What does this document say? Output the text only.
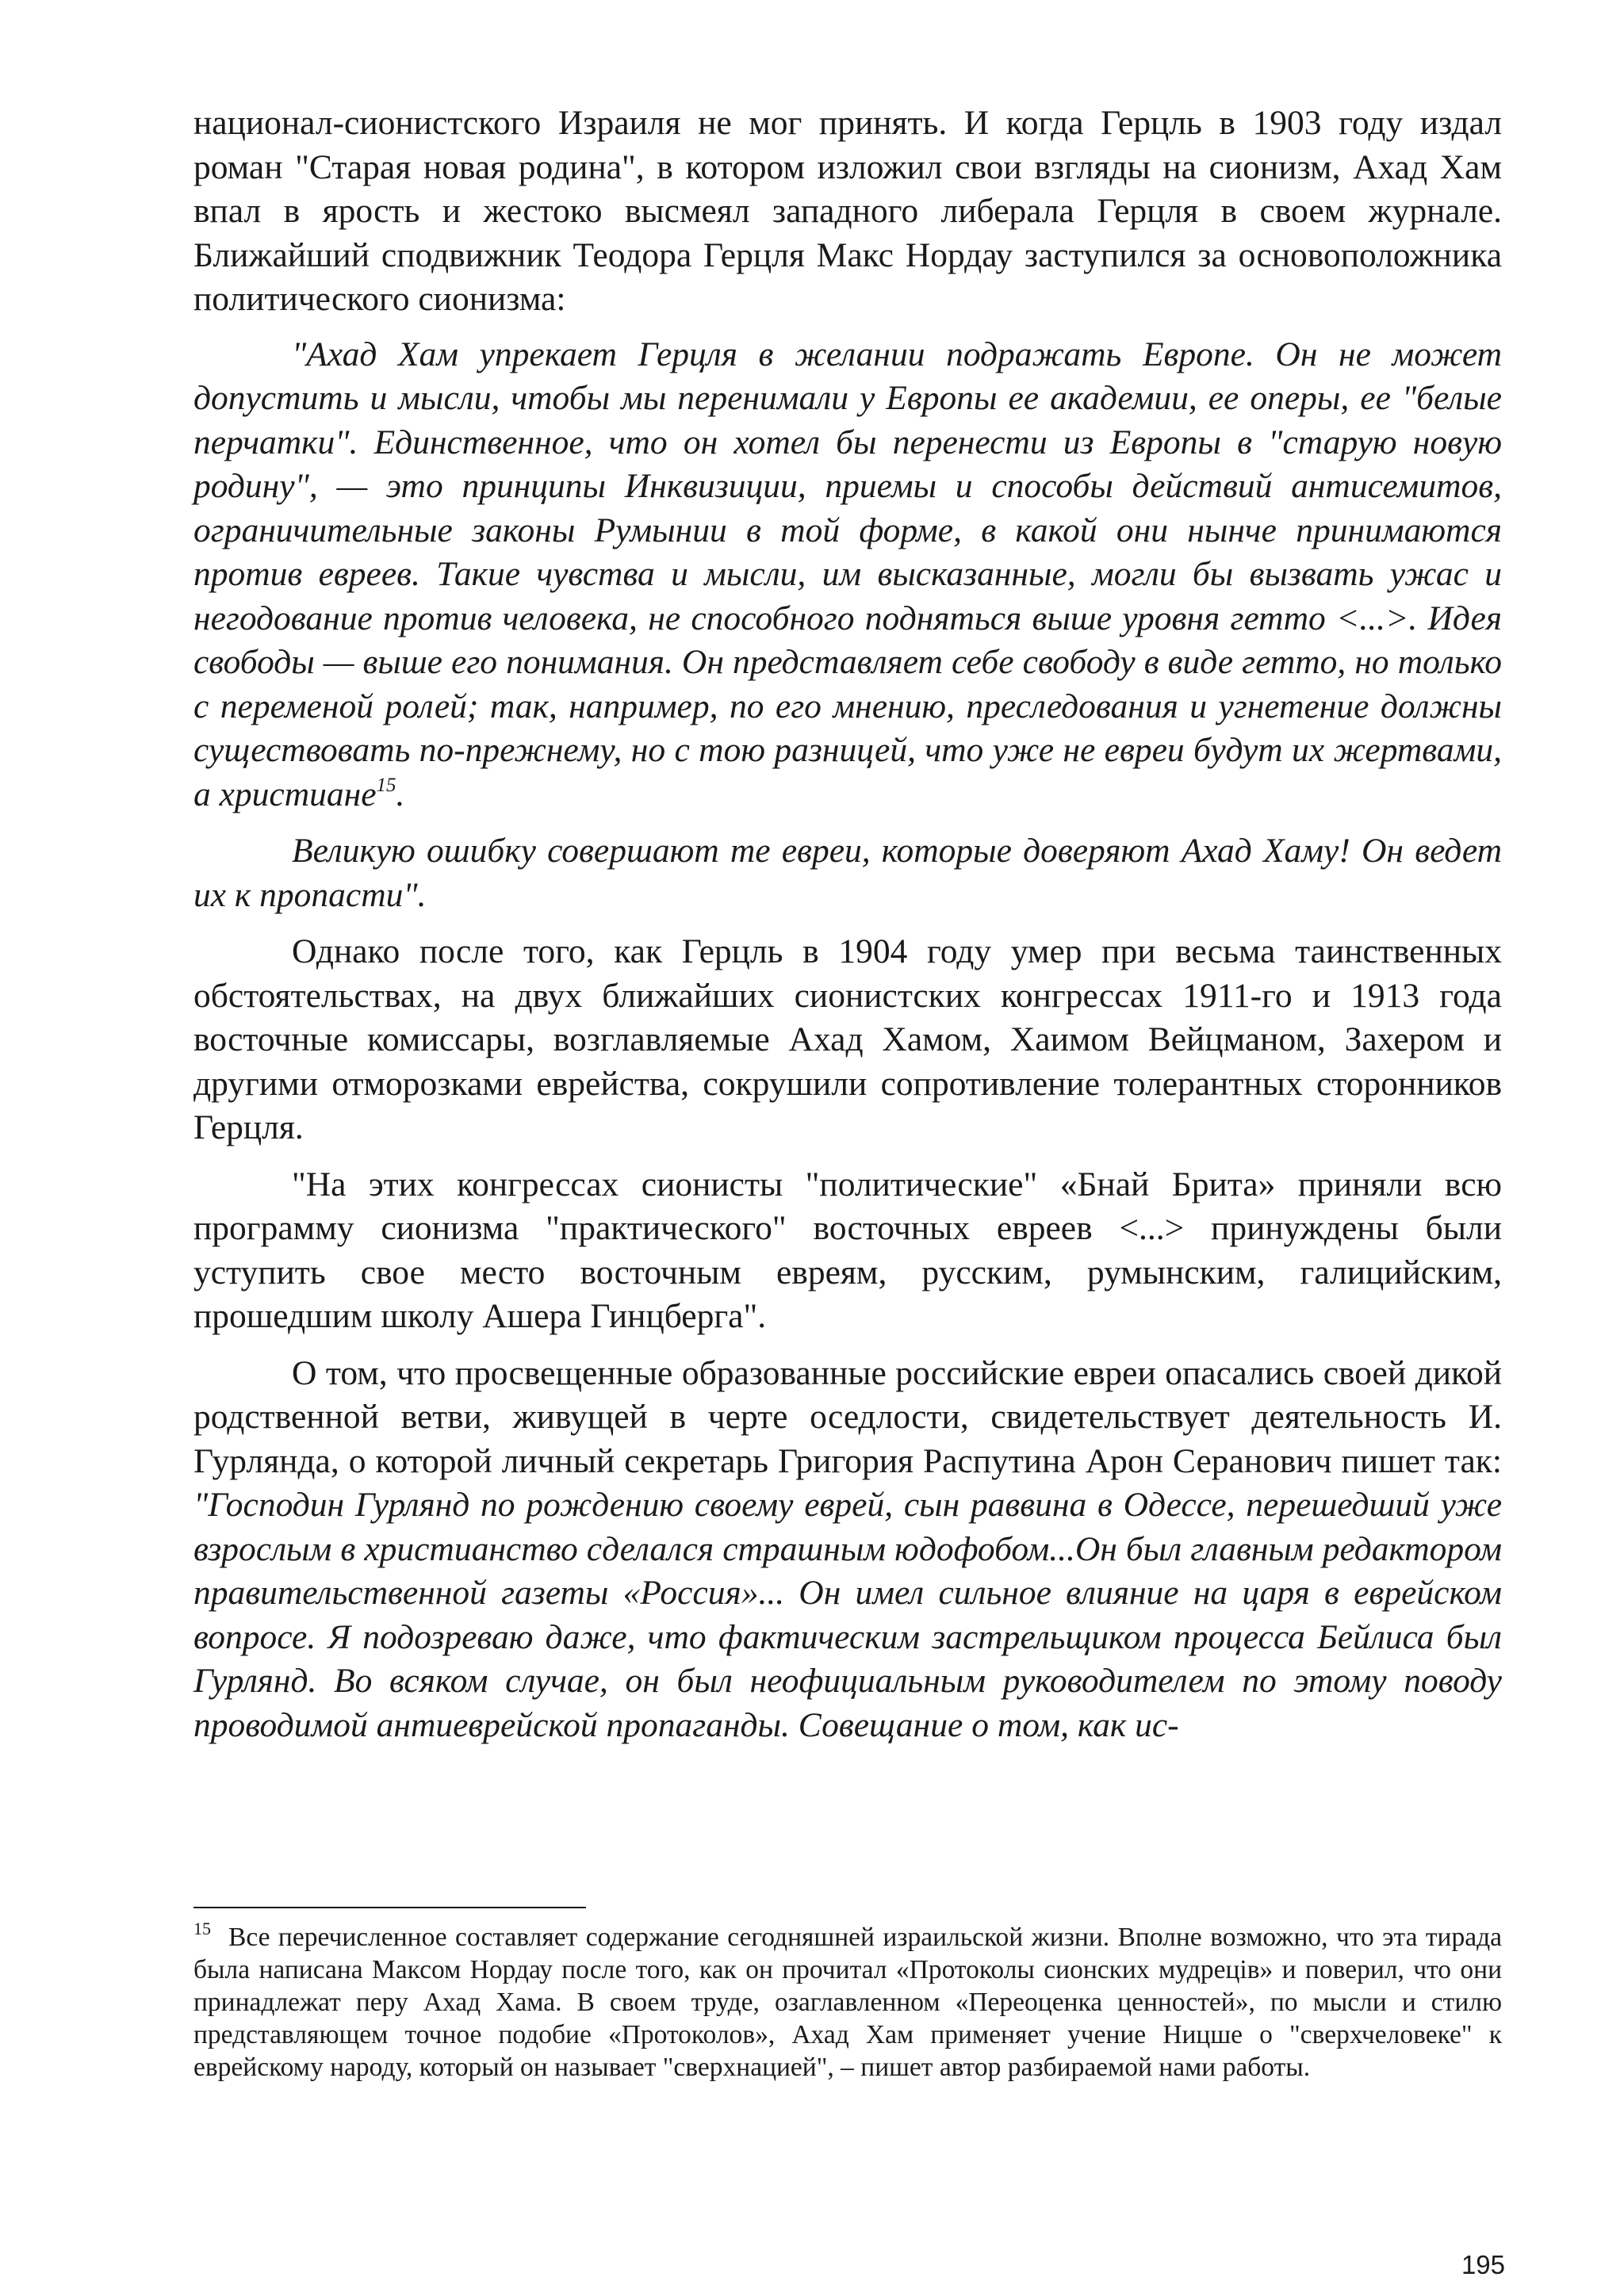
национал-сионистского Израиля не мог принять. И когда Герцль в 1903 году издал роман "Старая новая родина", в котором изложил свои взгляды на сионизм, Ахад Хам впал в ярость и жестоко высмеял западного либерала Герцля в своем журнале. Ближайший сподвижник Теодора Герцля Макс Нордау заступился за основоположника политического сионизма:

"Ахад Хам упрекает Герцля в желании подражать Европе. Он не может допустить и мысли, чтобы мы перенимали у Европы ее академии, ее оперы, ее "белые перчатки". Единственное, что он хотел бы перенести из Европы в "старую новую родину", — это принципы Инквизиции, приемы и способы действий антисемитов, ограничительные законы Румынии в той форме, в какой они нынче принимаются против евреев. Такие чувства и мысли, им высказанные, могли бы вызвать ужас и негодование против человека, не способного подняться выше уровня гетто <...>. Идея свободы — выше его понимания. Он представляет себе свободу в виде гетто, но только с переменой ролей; так, например, по его мнению, преследования и угнетение должны существовать по-прежнему, но с тою разницей, что уже не евреи будут их жертвами, а христиане$^{15}$.

Великую ошибку совершают те евреи, которые доверяют Ахад Хаму! Он ведет их к пропасти".

Однако после того, как Герцль в 1904 году умер при весьма таинственных обстоятельствах, на двух ближайших сионистских конгрессах 1911-го и 1913 года восточные комиссары, возглавляемые Ахад Хамом, Хаимом Вейцманом, Захером и другими отморозками еврейства, сокрушили сопротивление толерантных сторонников Герцля.

"На этих конгрессах сионисты "политические" «Бнай Брита» приняли всю программу сионизма "практического" восточных евреев <...> принуждены были уступить свое место восточным евреям, русским, румынским, галицийским, прошедшим школу Ашера Гинцберга".

О том, что просвещенные образованные российские евреи опасались своей дикой родственной ветви, живущей в черте оседлости, свидетельствует деятельность И. Гурлянда, о которой личный секретарь Григория Распутина Арон Серанович пишет так: "Господин Гурлянд по рождению своему еврей, сын раввина в Одессе, перешедший уже взрослым в христианство сделался страшным юдофобом...Он был главным редактором правительственной газеты «Россия»... Он имел сильное влияние на царя в еврейском вопросе. Я подозреваю даже, что фактическим застрельщиком процесса Бейлиса был Гурлянд. Во всяком случае, он был неофициальным руководителем по этому поводу проводимой антиеврейской пропаганды. Совещание о том, как ис-

$^{15}$ Все перечисленное составляет содержание сегодняшней израильской жизни. Вполне возможно, что эта тирада была написана Максом Нордау после того, как он прочитал «Протоколы сионских мудрецiв» и поверил, что они принадлежат перу Ахад Хама. В своем труде, озаглавленном «Переоценка ценностей», по мысли и стилю представляющем точное подобие «Протоколов», Ахад Хам применяет учение Ницше о "сверхчеловеке" к еврейскому народу, который он называет "сверхнацией", – пишет автор разбираемой нами работы.

195
